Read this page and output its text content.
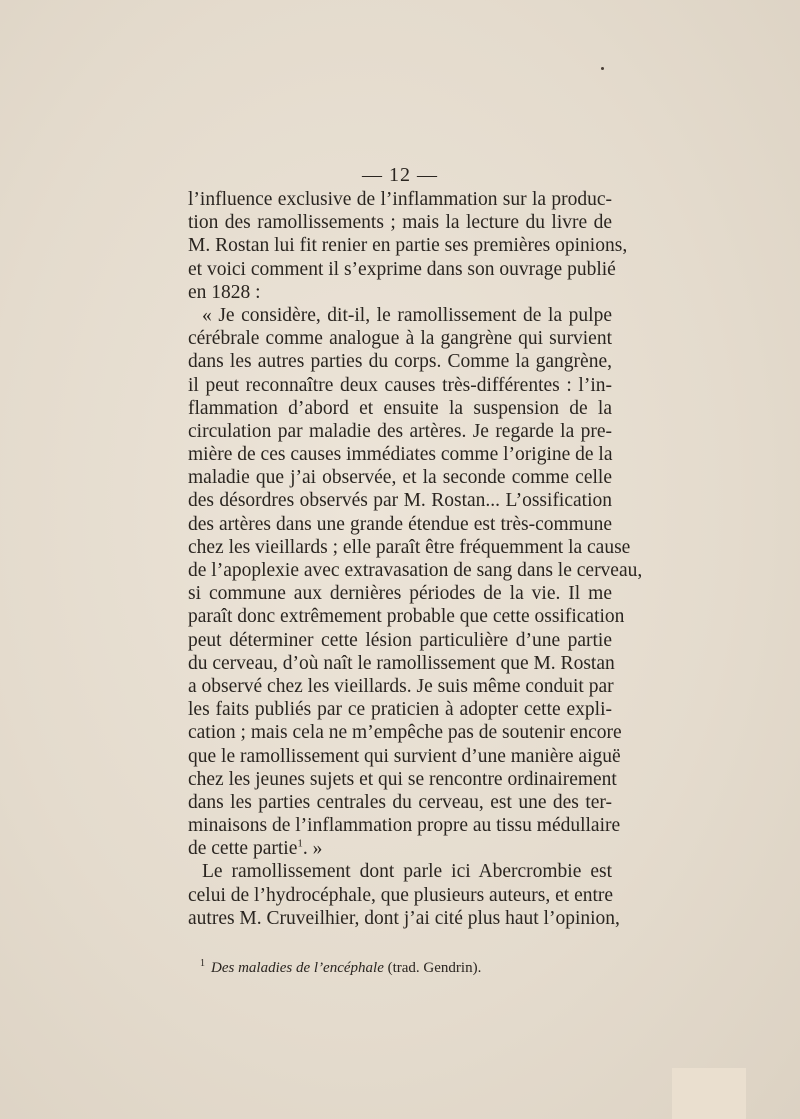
— 12 —
l’influence exclusive de l’inflammation sur la produc-
tion des ramollissements ; mais la lecture du livre de
M. Rostan lui fit renier en partie ses premières opinions,
et voici comment il s’exprime dans son ouvrage publié
en 1828 :
« Je considère, dit-il, le ramollissement de la pulpe
cérébrale comme analogue à la gangrène qui survient
dans les autres parties du corps. Comme la gangrène,
il peut reconnaître deux causes très-différentes : l’in-
flammation d’abord et ensuite la suspension de la
circulation par maladie des artères. Je regarde la pre-
mière de ces causes immédiates comme l’origine de la
maladie que j’ai observée, et la seconde comme celle
des désordres observés par M. Rostan... L’ossification
des artères dans une grande étendue est très-commune
chez les vieillards ; elle paraît être fréquemment la cause
de l’apoplexie avec extravasation de sang dans le cerveau,
si commune aux dernières périodes de la vie. Il me
paraît donc extrêmement probable que cette ossification
peut déterminer cette lésion particulière d’une partie
du cerveau, d’où naît le ramollissement que M. Rostan
a observé chez les vieillards. Je suis même conduit par
les faits publiés par ce praticien à adopter cette expli-
cation ; mais cela ne m’empêche pas de soutenir encore
que le ramollissement qui survient d’une manière aiguë
chez les jeunes sujets et qui se rencontre ordinairement
dans les parties centrales du cerveau, est une des ter-
minaisons de l’inflammation propre au tissu médullaire
de cette partie$^1$. »
Le ramollissement dont parle ici Abercrombie est
celui de l’hydrocéphale, que plusieurs auteurs, et entre
autres M. Cruveilhier, dont j’ai cité plus haut l’opinion,
$^1$ Des maladies de l’encéphale (trad. Gendrin).
